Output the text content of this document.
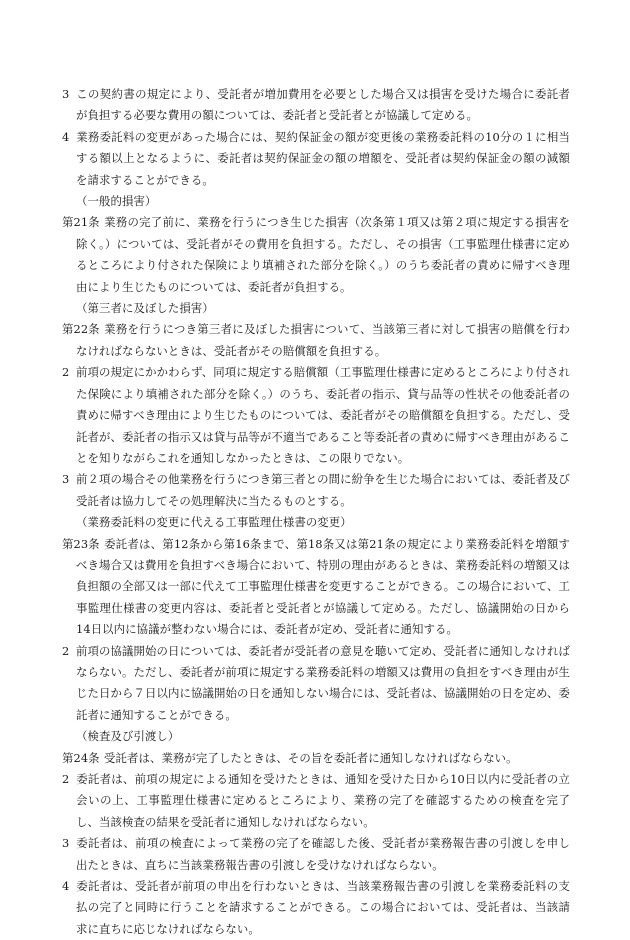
3 この契約書の規定により、受託者が増加費用を必要とした場合又は損害を受けた場合に委託者が負担する必要な費用の額については、委託者と受託者とが協議して定める。
4 業務委託料の変更があった場合には、契約保証金の額が変更後の業務委託料の10分の１に相当する額以上となるように、委託者は契約保証金の額の増額を、受託者は契約保証金の額の減額を請求することができる。
（一般的損害）
第21条 業務の完了前に、業務を行うにつき生じた損害（次条第１項又は第２項に規定する損害を除く。）については、受託者がその費用を負担する。ただし、その損害（工事監理仕様書に定めるところにより付された保険により填補された部分を除く。）のうち委託者の責めに帰すべき理由により生じたものについては、委託者が負担する。
（第三者に及ぼした損害）
第22条 業務を行うにつき第三者に及ぼした損害について、当該第三者に対して損害の賠償を行わなければならないときは、受託者がその賠償額を負担する。
2 前項の規定にかかわらず、同項に規定する賠償額（工事監理仕様書に定めるところにより付された保険により填補された部分を除く。）のうち、委託者の指示、貸与品等の性状その他委託者の責めに帰すべき理由により生じたものについては、委託者がその賠償額を負担する。ただし、受託者が、委託者の指示又は貸与品等が不適当であること等委託者の責めに帰すべき理由があることを知りながらこれを通知しなかったときは、この限りでない。
3 前２項の場合その他業務を行うにつき第三者との間に紛争を生じた場合においては、委託者及び受託者は協力してその処理解決に当たるものとする。
（業務委託料の変更に代える工事監理仕様書の変更）
第23条 委託者は、第12条から第16条まで、第18条又は第21条の規定により業務委託料を増額すべき場合又は費用を負担すべき場合において、特別の理由があるときは、業務委託料の増額又は負担額の全部又は一部に代えて工事監理仕様書を変更することができる。この場合において、工事監理仕様書の変更内容は、委託者と受託者とが協議して定める。ただし、協議開始の日から14日以内に協議が整わない場合には、委託者が定め、受託者に通知する。
2 前項の協議開始の日については、委託者が受託者の意見を聴いて定め、受託者に通知しなければならない。ただし、委託者が前項に規定する業務委託料の増額又は費用の負担をすべき理由が生じた日から７日以内に協議開始の日を通知しない場合には、受託者は、協議開始の日を定め、委託者に通知することができる。
（検査及び引渡し）
第24条 受託者は、業務が完了したときは、その旨を委託者に通知しなければならない。
2 委託者は、前項の規定による通知を受けたときは、通知を受けた日から10日以内に受託者の立会いの上、工事監理仕様書に定めるところにより、業務の完了を確認するための検査を完了し、当該検査の結果を受託者に通知しなければならない。
3 委託者は、前項の検査によって業務の完了を確認した後、受託者が業務報告書の引渡しを申し出たときは、直ちに当該業務報告書の引渡しを受けなければならない。
4 委託者は、受託者が前項の申出を行わないときは、当該業務報告書の引渡しを業務委託料の支払の完了と同時に行うことを請求することができる。この場合においては、受託者は、当該請求に直ちに応じなければならない。
